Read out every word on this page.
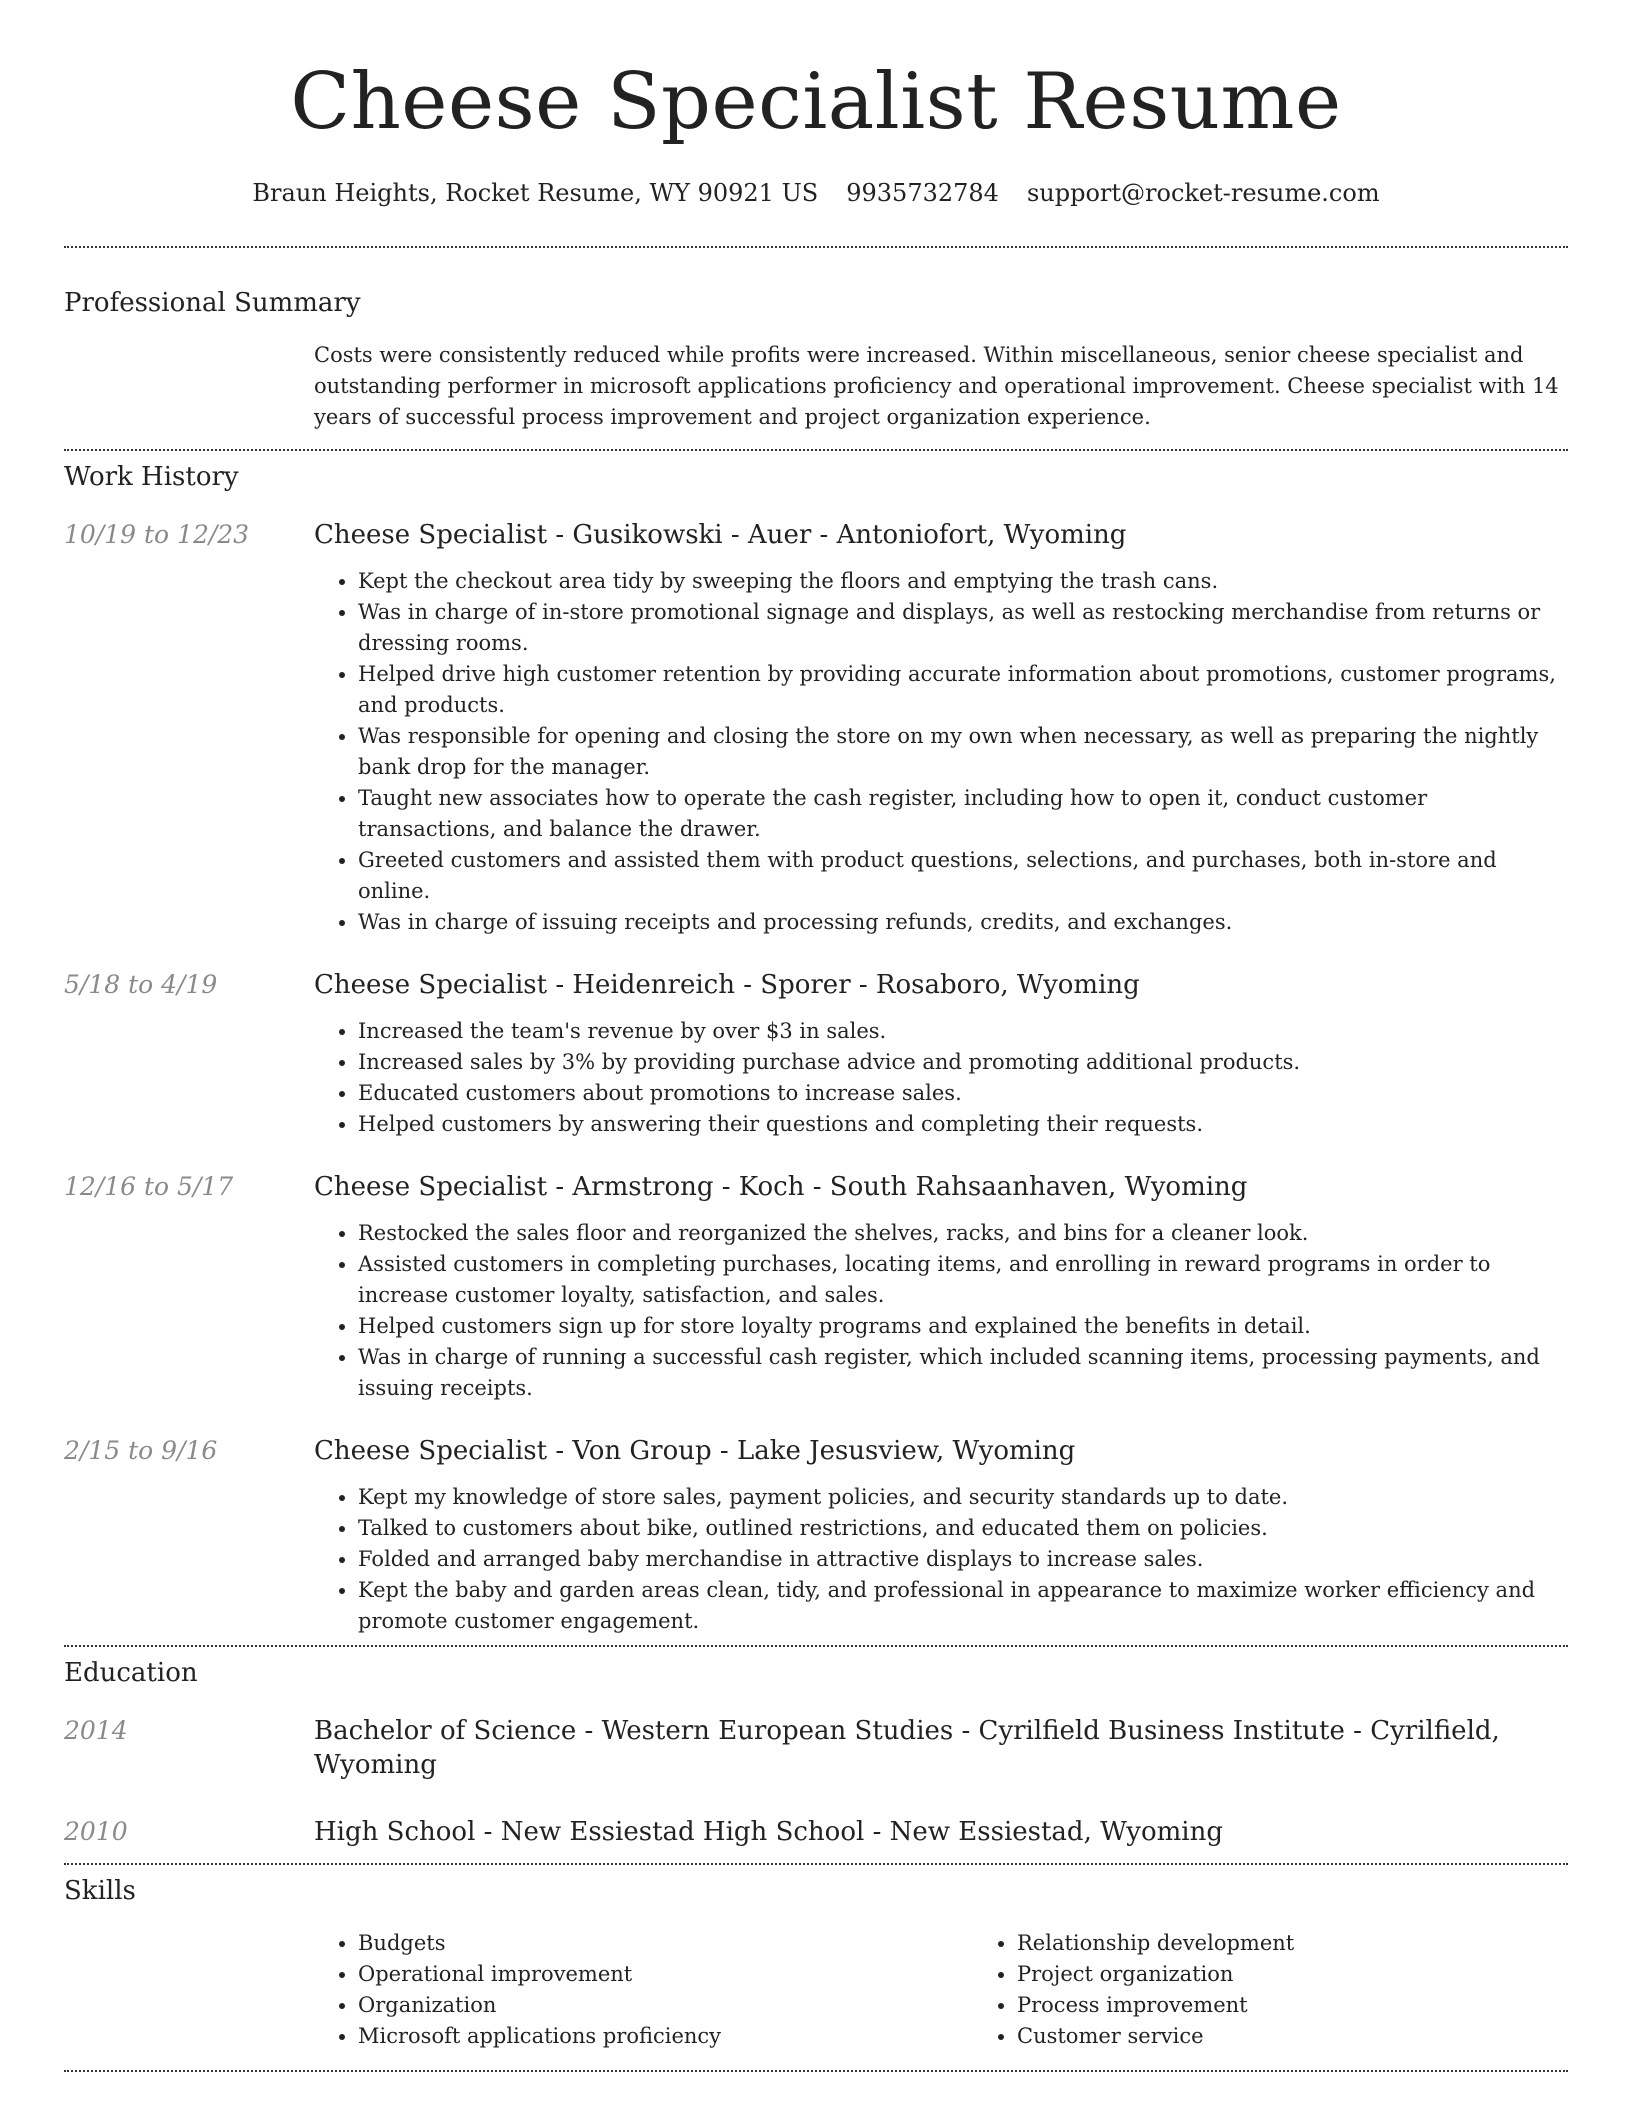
Cheese Specialist Resume
Braun Heights, Rocket Resume, WY 90921 US 9935732784 support@rocket-resume.com
Professional Summary
Costs were consistently reduced while profits were increased. Within miscellaneous, senior cheese specialist and outstanding performer in microsoft applications proficiency and operational improvement. Cheese specialist with 14 years of successful process improvement and project organization experience.
Work History
10/19 to 12/23	Cheese Specialist - Gusikowski - Auer - Antoniofort, Wyoming
• Kept the checkout area tidy by sweeping the floors and emptying the trash cans.
• Was in charge of in-store promotional signage and displays, as well as restocking merchandise from returns or dressing rooms.
• Helped drive high customer retention by providing accurate information about promotions, customer programs, and products.
• Was responsible for opening and closing the store on my own when necessary, as well as preparing the nightly bank drop for the manager.
• Taught new associates how to operate the cash register, including how to open it, conduct customer transactions, and balance the drawer.
• Greeted customers and assisted them with product questions, selections, and purchases, both in-store and online.
• Was in charge of issuing receipts and processing refunds, credits, and exchanges.
5/18 to 4/19	Cheese Specialist - Heidenreich - Sporer - Rosaboro, Wyoming
• Increased the team's revenue by over $3 in sales.
• Increased sales by 3% by providing purchase advice and promoting additional products.
• Educated customers about promotions to increase sales.
• Helped customers by answering their questions and completing their requests.
12/16 to 5/17	Cheese Specialist - Armstrong - Koch - South Rahsaanhaven, Wyoming
• Restocked the sales floor and reorganized the shelves, racks, and bins for a cleaner look.
• Assisted customers in completing purchases, locating items, and enrolling in reward programs in order to increase customer loyalty, satisfaction, and sales.
• Helped customers sign up for store loyalty programs and explained the benefits in detail.
• Was in charge of running a successful cash register, which included scanning items, processing payments, and issuing receipts.
2/15 to 9/16	Cheese Specialist - Von Group - Lake Jesusview, Wyoming
• Kept my knowledge of store sales, payment policies, and security standards up to date.
• Talked to customers about bike, outlined restrictions, and educated them on policies.
• Folded and arranged baby merchandise in attractive displays to increase sales.
• Kept the baby and garden areas clean, tidy, and professional in appearance to maximize worker efficiency and promote customer engagement.
Education
2014	Bachelor of Science - Western European Studies - Cyrilfield Business Institute - Cyrilfield, Wyoming
2010	High School - New Essiestad High School - New Essiestad, Wyoming
Skills
• Budgets
• Operational improvement
• Organization
• Microsoft applications proficiency
• Relationship development
• Project organization
• Process improvement
• Customer service
